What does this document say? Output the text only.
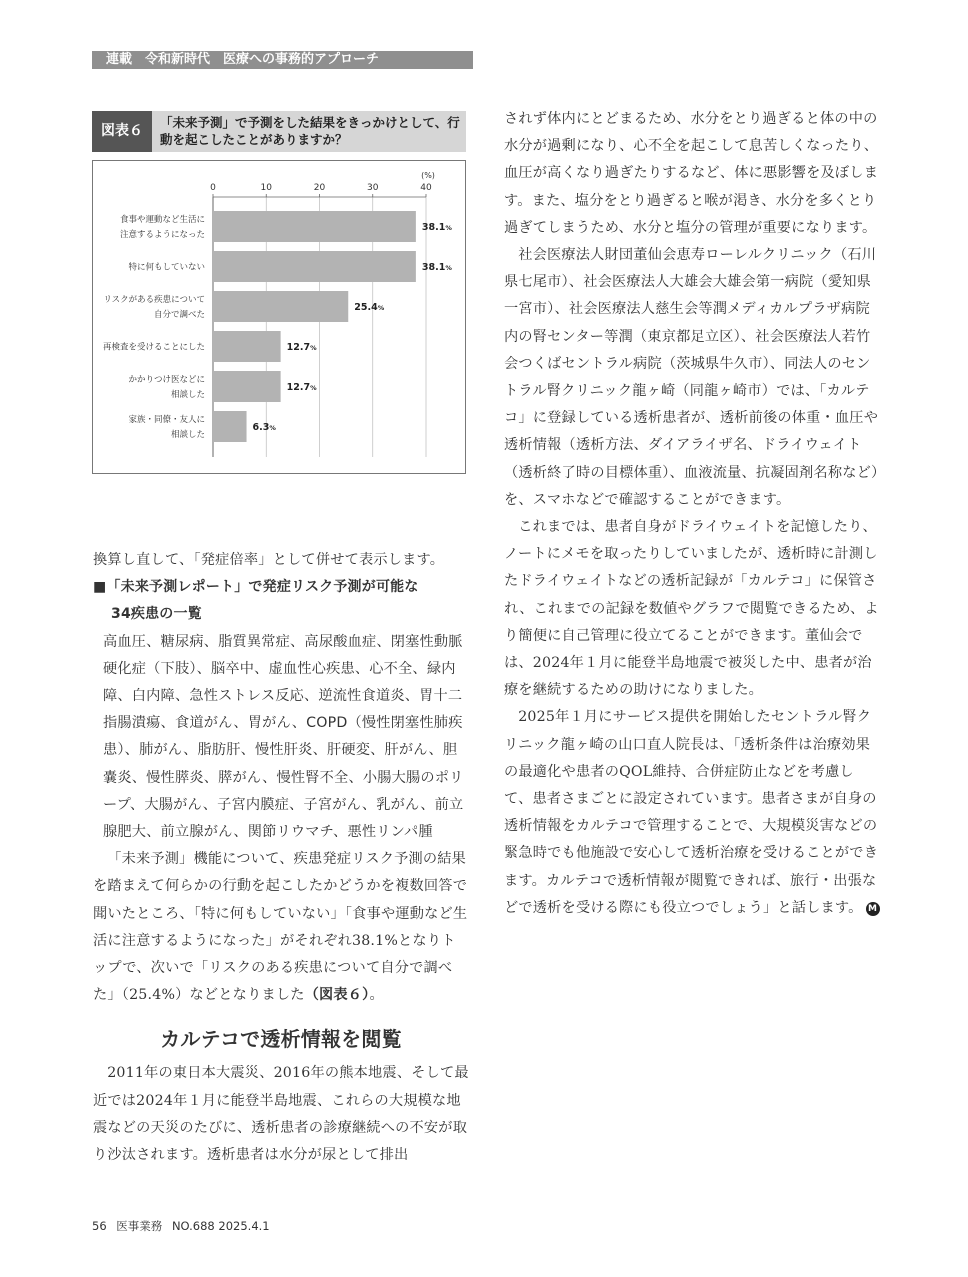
連載　令和新時代　医療への事務的アプローチ
図表６
「未来予測」で予測をした結果をきっかけとして、行動を起こしたことがありますか？
(%)
0	10	20	30	40
38.1%
食事や運動など生活に
注意するようになった
38.1%
特に何もしていない
25.4%
リスクがある疾患について
自分で調べた
12.7%
再検査を受けることにした
12.7%
かかりつけ医などに
相談した
6.3%
家族・同僚・友人に
相談した

換算し直して、「発症倍率」として併せて表示します。

■「未来予測レポート」で発症リスク予測が可能な
34疾患の一覧
高血圧、糖尿病、脂質異常症、高尿酸血症、閉塞性動脈硬化症（下肢）、脳卒中、虚血性心疾患、心不全、緑内障、白内障、急性ストレス反応、逆流性食道炎、胃十二指腸潰瘍、食道がん、胃がん、COPD（慢性閉塞性肺疾患）、肺がん、脂肪肝、慢性肝炎、肝硬変、肝がん、胆嚢炎、慢性膵炎、膵がん、慢性腎不全、小腸大腸のポリープ、大腸がん、子宮内膜症、子宮がん、乳がん、前立腺肥大、前立腺がん、関節リウマチ、悪性リンパ腫

「未来予測」機能について、疾患発症リスク予測の結果を踏まえて何らかの行動を起こしたかどうかを複数回答で聞いたところ、「特に何もしていない」「食事や運動など生活に注意するようになった」がそれぞれ38.1%となりトップで、次いで「リスクのある疾患について自分で調べた」（25.4%）などとなりました（図表６）。

カルテコで透析情報を閲覧

2011年の東日本大震災、2016年の熊本地震、そして最近では2024年１月に能登半島地震、これらの大規模な地震などの天災のたびに、透析患者の診療継続への不安が取り沙汰されます。透析患者は水分が尿として排出

されず体内にとどまるため、水分をとり過ぎると体の中の水分が過剰になり、心不全を起こして息苦しくなったり、血圧が高くなり過ぎたりするなど、体に悪影響を及ぼします。また、塩分をとり過ぎると喉が渇き、水分を多くとり過ぎてしまうため、水分と塩分の管理が重要になります。

社会医療法人財団董仙会恵寿ローレルクリニック（石川県七尾市）、社会医療法人大雄会大雄会第一病院（愛知県一宮市）、社会医療法人慈生会等潤メディカルプラザ病院内の腎センター等潤（東京都足立区）、社会医療法人若竹会つくばセントラル病院（茨城県牛久市）、同法人のセントラル腎クリニック龍ヶ崎（同龍ヶ崎市）では、「カルテコ」に登録している透析患者が、透析前後の体重・血圧や透析情報（透析方法、ダイアライザ名、ドライウェイト（透析終了時の目標体重）、血液流量、抗凝固剤名称など）を、スマホなどで確認することができます。

これまでは、患者自身がドライウェイトを記憶したり、ノートにメモを取ったりしていましたが、透析時に計測したドライウェイトなどの透析記録が「カルテコ」に保管され、これまでの記録を数値やグラフで閲覧できるため、より簡便に自己管理に役立てることができます。董仙会では、2024年１月に能登半島地震で被災した中、患者が治療を継続するための助けになりました。

2025年１月にサービス提供を開始したセントラル腎クリニック龍ヶ崎の山口直人院長は、「透析条件は治療効果の最適化や患者のQOL維持、合併症防止などを考慮して、患者さまごとに設定されています。患者さまが自身の透析情報をカルテコで管理することで、大規模災害などの緊急時でも他施設で安心して透析治療を受けることができます。カルテコで透析情報が閲覧できれば、旅行・出張などで透析を受ける際にも役立つでしょう」と話します。 M

56 医事業務 NO.688 2025.4.1
